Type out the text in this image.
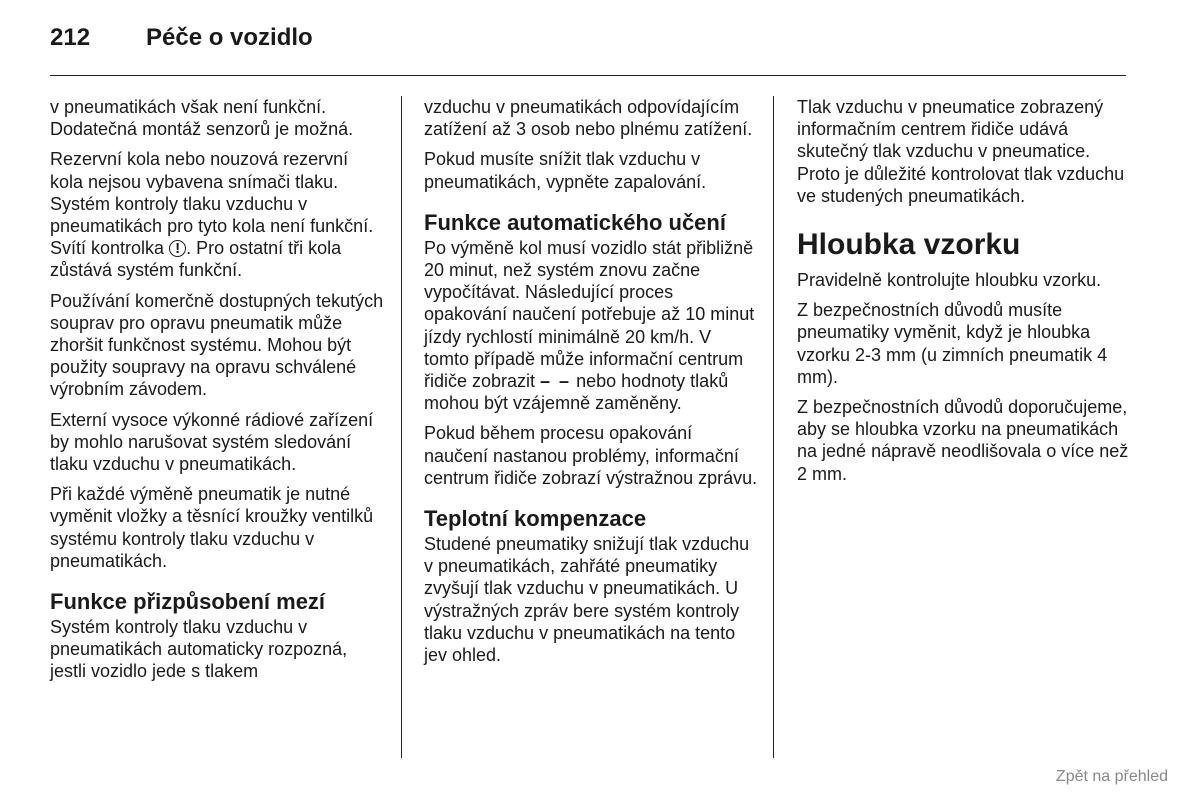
212	Péče o vozidlo

v pneumatikách však není funkční. Dodatečná montáž senzorů je možná.

Rezervní kola nebo nouzová rezervní kola nejsou vybavena snímači tlaku. Systém kontroly tlaku vzduchu v pneumatikách pro tyto kola není funkční. Svítí kontrolka ! . Pro ostatní tři kola zůstává systém funkční.

Používání komerčně dostupných tekutých souprav pro opravu pneumatik může zhoršit funkčnost systému. Mohou být použity soupravy na opravu schválené výrobním závodem.

Externí vysoce výkonné rádiové zařízení by mohlo narušovat systém sledování tlaku vzduchu v pneumatikách.

Při každé výměně pneumatik je nutné vyměnit vložky a těsnící kroužky ventilků systému kontroly tlaku vzduchu v pneumatikách.

Funkce přizpůsobení mezí

Systém kontroly tlaku vzduchu v pneumatikách automaticky rozpozná, jestli vozidlo jede s tlakem

vzduchu v pneumatikách odpovídajícím zatížení až 3 osob nebo plnému zatížení.

Pokud musíte snížit tlak vzduchu v pneumatikách, vypněte zapalování.

Funkce automatického učení

Po výměně kol musí vozidlo stát přibližně 20 minut, než systém znovu začne vypočítávat. Následující proces opakování naučení potřebuje až 10 minut jízdy rychlostí minimálně 20 km/h. V tomto případě může informační centrum řidiče zobrazit – – nebo hodnoty tlaků mohou být vzájemně zaměněny.

Pokud během procesu opakování naučení nastanou problémy, informační centrum řidiče zobrazí výstražnou zprávu.

Teplotní kompenzace

Studené pneumatiky snižují tlak vzduchu v pneumatikách, zahřáté pneumatiky zvyšují tlak vzduchu v pneumatikách. U výstražných zpráv bere systém kontroly tlaku vzduchu v pneumatikách na tento jev ohled.

Tlak vzduchu v pneumatice zobrazený informačním centrem řidiče udává skutečný tlak vzduchu v pneumatice. Proto je důležité kontrolovat tlak vzduchu ve studených pneumatikách.

Hloubka vzorku

Pravidelně kontrolujte hloubku vzorku.

Z bezpečnostních důvodů musíte pneumatiky vyměnit, když je hloubka vzorku 2-3 mm (u zimních pneumatik 4 mm).

Z bezpečnostních důvodů doporučujeme, aby se hloubka vzorku na pneumatikách na jedné nápravě neodlišovala o více než 2 mm.

Zpět na přehled
